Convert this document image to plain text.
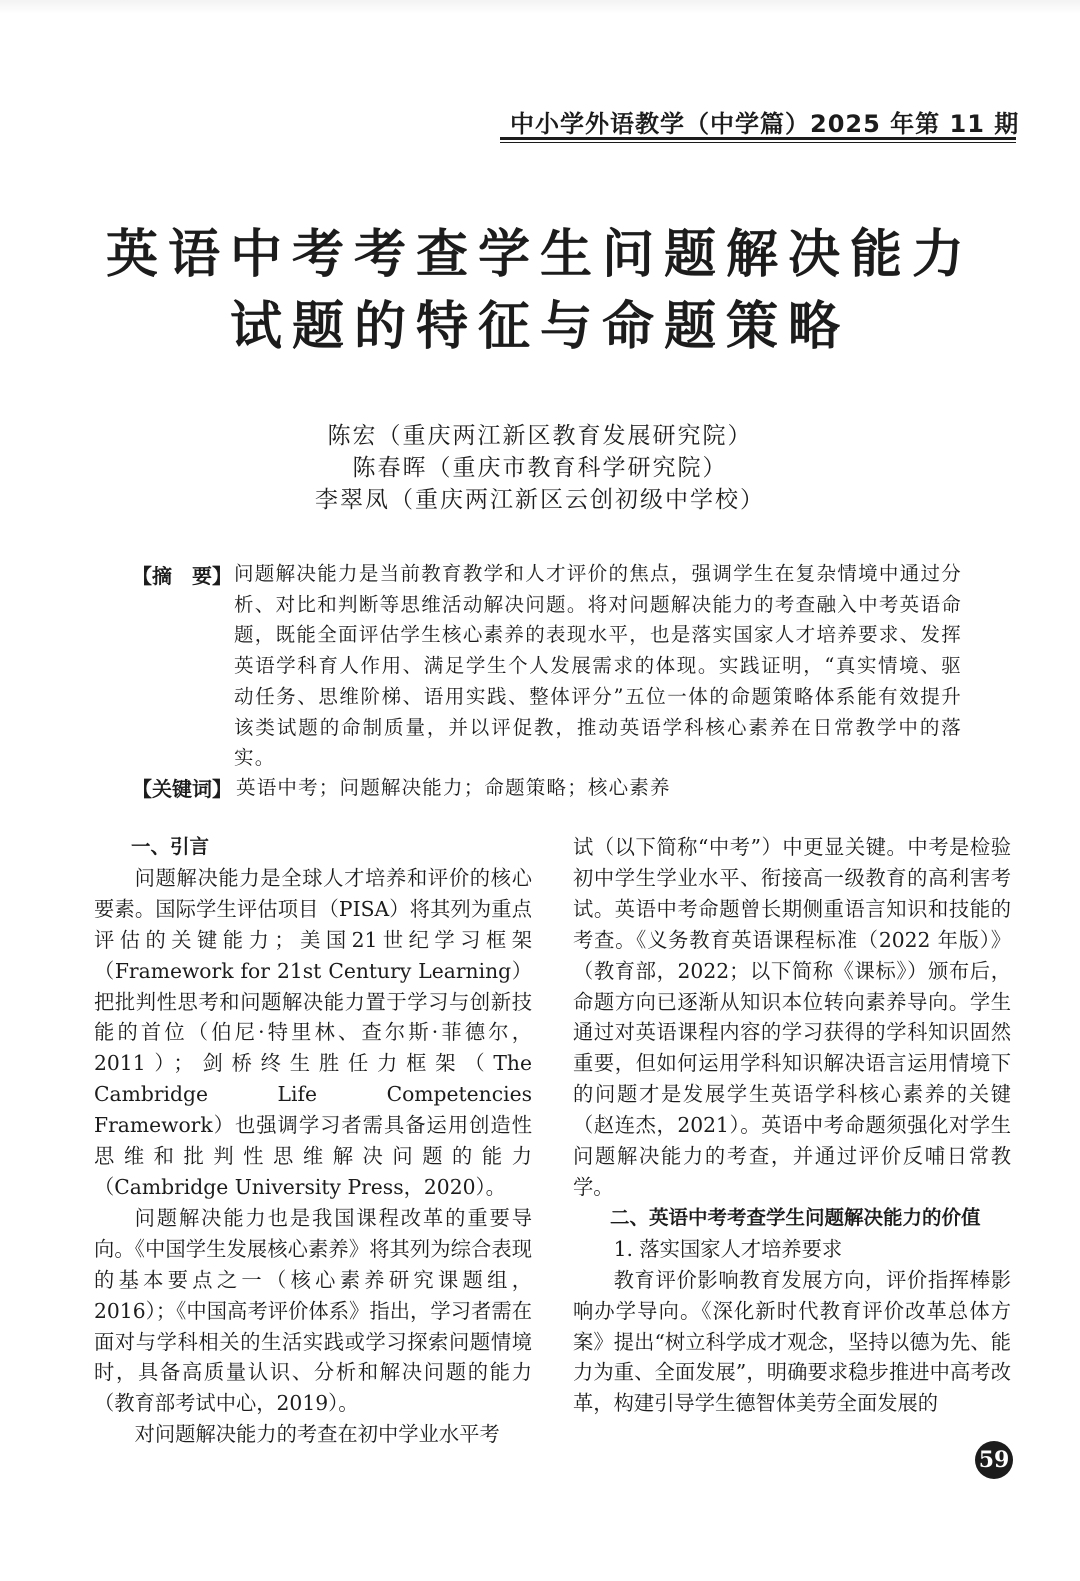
中小学外语教学（中学篇）2025 年第 11 期
英语中考考查学生问题解决能力
试题的特征与命题策略
陈宏（重庆两江新区教育发展研究院）
陈春晖（重庆市教育科学研究院）
李翠凤（重庆两江新区云创初级中学校）
【摘　要】 问题解决能力是当前教育教学和人才评价的焦点，强调学生在复杂情境中通过分析、对比和判断等思维活动解决问题。将对问题解决能力的考查融入中考英语命题，既能全面评估学生核心素养的表现水平，也是落实国家人才培养要求、发挥英语学科育人作用、满足学生个人发展需求的体现。实践证明，“真实情境、驱动任务、思维阶梯、语用实践、整体评分”五位一体的命题策略体系能有效提升该类试题的命制质量，并以评促教，推动英语学科核心素养在日常教学中的落实。
【关键词】 英语中考；问题解决能力；命题策略；核心素养

一、引言

问题解决能力是全球人才培养和评价的核心要素。国际学生评估项目（PISA）将其列为重点评估的关键能力；美国21世纪学习框架（Framework for 21st Century Learning）把批判性思考和问题解决能力置于学习与创新技能的首位（伯尼·特里林、查尔斯·菲德尔，2011）；剑桥终生胜任力框架（The Cambridge Life Competencies Framework）也强调学习者需具备运用创造性思维和批判性思维解决问题的能力（Cambridge University Press，2020）。

问题解决能力也是我国课程改革的重要导向。《中国学生发展核心素养》将其列为综合表现的基本要点之一（核心素养研究课题组，2016）；《中国高考评价体系》指出，学习者需在面对与学科相关的生活实践或学习探索问题情境时，具备高质量认识、分析和解决问题的能力（教育部考试中心，2019）。

对问题解决能力的考查在初中学业水平考

试（以下简称“中考”）中更显关键。中考是检验初中学生学业水平、衔接高一级教育的高利害考试。英语中考命题曾长期侧重语言知识和技能的考查。《义务教育英语课程标准（2022 年版）》（教育部，2022；以下简称《课标》）颁布后，命题方向已逐渐从知识本位转向素养导向。学生通过对英语课程内容的学习获得的学科知识固然重要，但如何运用学科知识解决语言运用情境下的问题才是发展学生英语学科核心素养的关键（赵连杰，2021）。英语中考命题须强化对学生问题解决能力的考查，并通过评价反哺日常教学。

二、英语中考考查学生问题解决能力的价值

1. 落实国家人才培养要求

教育评价影响教育发展方向，评价指挥棒影响办学导向。《深化新时代教育评价改革总体方案》提出“树立科学成才观念，坚持以德为先、能力为重、全面发展”，明确要求稳步推进中高考改革，构建引导学生德智体美劳全面发展的

59
